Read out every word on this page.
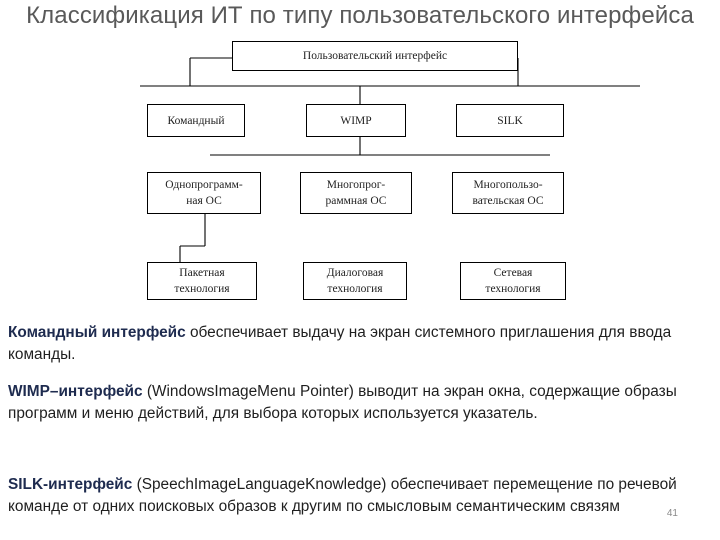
Классификация ИТ по типу пользовательского интерфейса
Пользовательский интерфейс
Командный	WIMP	SILK
Однопрограмм-
ная ОС
Многопрог-
раммная ОС
Многопользо-
вательская ОС
Пакетная
технология
Диалоговая
технология
Сетевая
технология
Командный интерфейс обеспечивает выдачу на экран системного приглашения для ввода команды.
WIMP–интерфейс (WindowsImageMenu Pointer) выводит на экран окна, содержащие образы программ и меню действий, для выбора которых используется указатель.
SILK-интерфейс (SpeechImageLanguageKnowledge) обеспечивает перемещение по речевой команде от одних поисковых образов к другим по смысловым семантическим связям	41
